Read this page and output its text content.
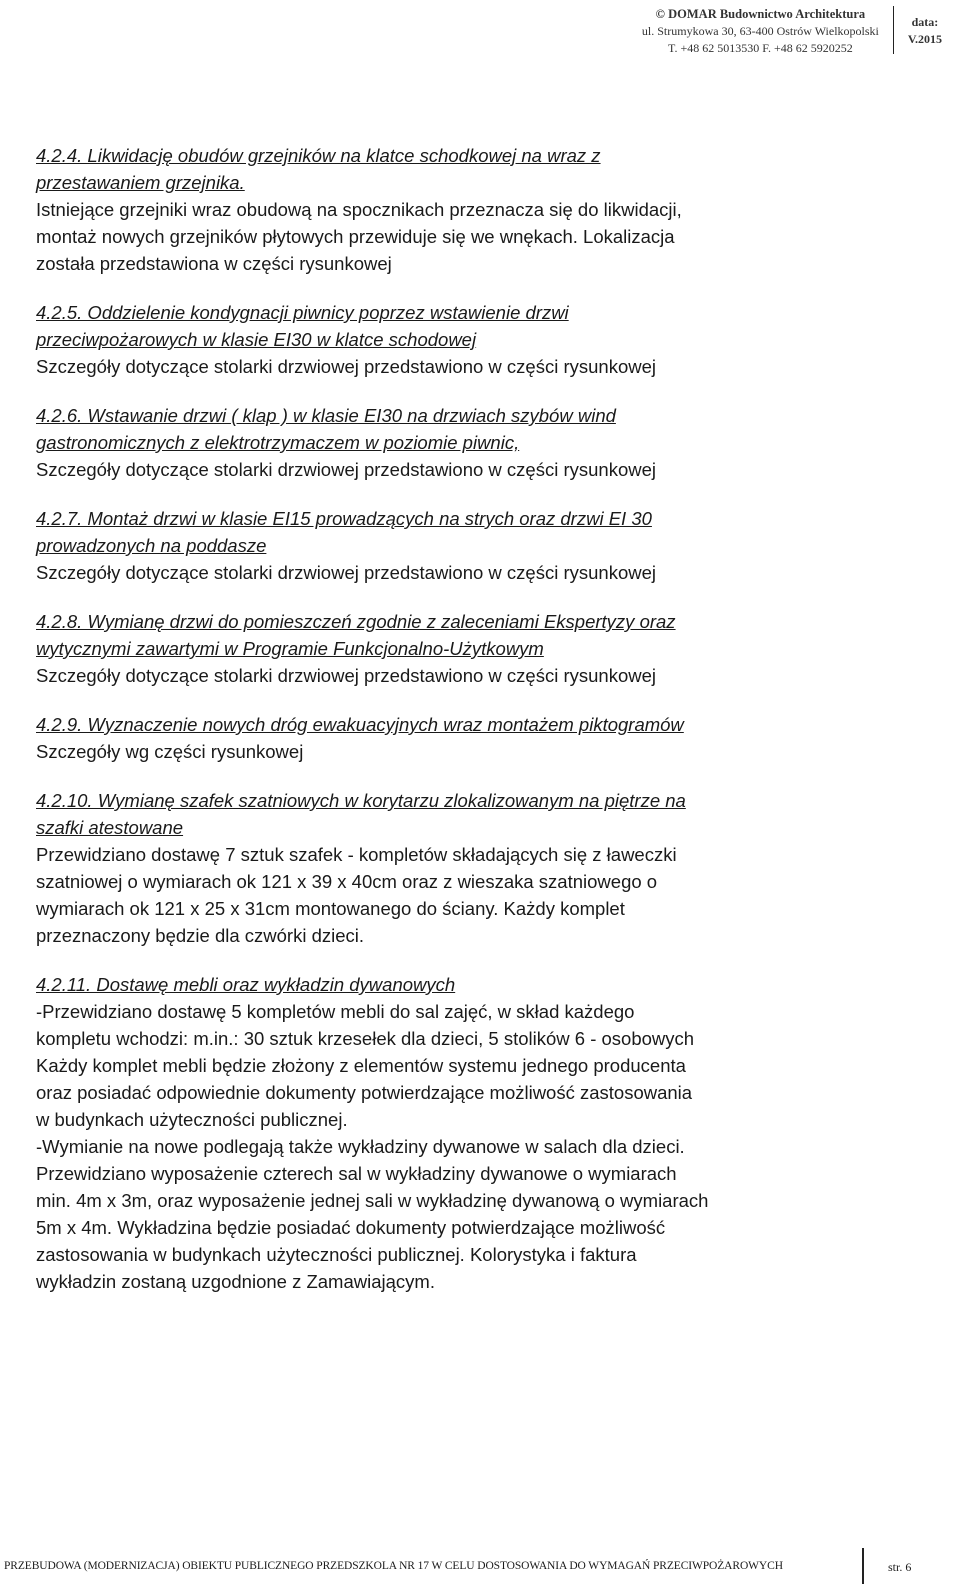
© DOMAR Budownictwo Architektura
ul. Strumykowa 30, 63-400 Ostrów Wielkopolski
T. +48 62 5013530 F. +48 62 5920252
data:
V.2015
4.2.4. Likwidację obudów grzejników na klatce schodkowej na wraz z
przestawaniem grzejnika.
Istniejące grzejniki wraz obudową na spocznikach przeznacza się do likwidacji,
montaż nowych grzejników płytowych przewiduje się we wnękach. Lokalizacja
została przedstawiona w części rysunkowej
4.2.5. Oddzielenie kondygnacji piwnicy poprzez wstawienie drzwi
przeciwpożarowych w klasie EI30 w klatce schodowej
Szczegóły dotyczące stolarki drzwiowej przedstawiono w części rysunkowej
4.2.6. Wstawanie drzwi ( klap ) w klasie EI30 na drzwiach szybów wind
gastronomicznych z elektrotrzymaczem w poziomie piwnic,
Szczegóły dotyczące stolarki drzwiowej przedstawiono w części rysunkowej
4.2.7. Montaż drzwi w klasie EI15 prowadzących na strych oraz drzwi EI 30
prowadzonych na poddasze
Szczegóły dotyczące stolarki drzwiowej przedstawiono w części rysunkowej
4.2.8. Wymianę drzwi do pomieszczeń zgodnie z zaleceniami Ekspertyzy oraz
wytycznymi zawartymi w Programie Funkcjonalno-Użytkowym
Szczegóły dotyczące stolarki drzwiowej przedstawiono w części rysunkowej
4.2.9. Wyznaczenie nowych dróg ewakuacyjnych wraz montażem piktogramów
Szczegóły wg części rysunkowej
4.2.10. Wymianę szafek szatniowych w korytarzu zlokalizowanym na piętrze na
szafki atestowane
Przewidziano dostawę 7 sztuk szafek - kompletów składających się z ławeczki
szatniowej o wymiarach ok 121 x 39 x 40cm oraz z wieszaka szatniowego o
wymiarach ok 121 x 25 x 31cm montowanego do ściany. Każdy komplet
przeznaczony będzie dla czwórki dzieci.
4.2.11. Dostawę mebli oraz wykładzin dywanowych
-Przewidziano dostawę 5 kompletów mebli do sal zajęć, w skład każdego
kompletu wchodzi: m.in.: 30 sztuk krzesełek dla dzieci, 5 stolików 6 - osobowych
Każdy komplet mebli będzie złożony z elementów systemu jednego producenta
oraz posiadać odpowiednie dokumenty potwierdzające możliwość zastosowania
w budynkach użyteczności publicznej.
-Wymianie na nowe podlegają także wykładziny dywanowe w salach dla dzieci.
Przewidziano wyposażenie czterech sal w wykładziny dywanowe o wymiarach
min. 4m x 3m, oraz wyposażenie jednej sali w wykładzinę dywanową o wymiarach
5m x 4m. Wykładzina będzie posiadać dokumenty potwierdzające możliwość
zastosowania w budynkach użyteczności publicznej. Kolorystyka i faktura
wykładzin zostaną uzgodnione z Zamawiającym.
PRZEBUDOWA (MODERNIZACJA) OBIEKTU PUBLICZNEGO PRZEDSZKOLA NR 17 W CELU DOSTOSOWANIA DO WYMAGAŃ PRZECIWPOŻAROWYCH	str. 6
